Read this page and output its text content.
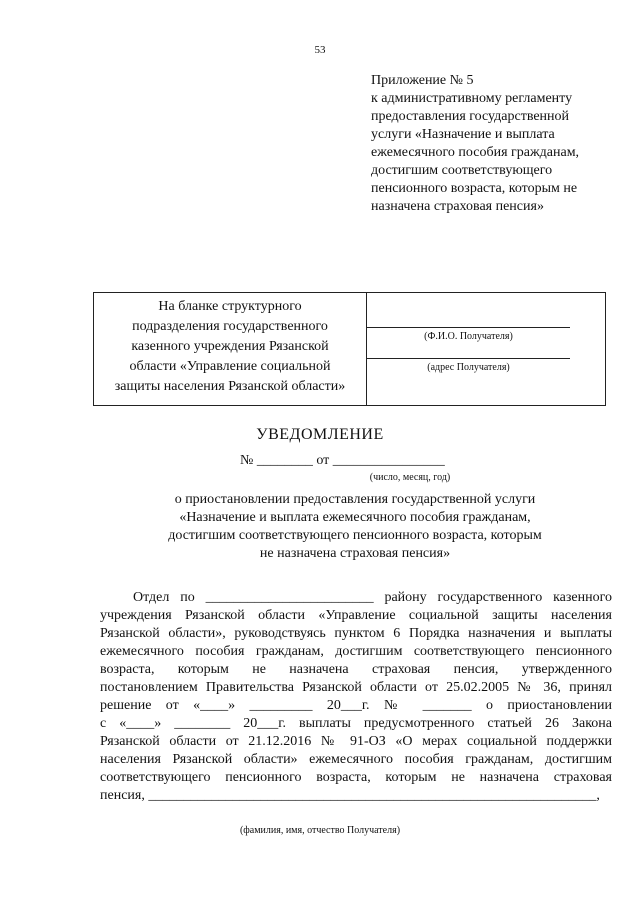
53
Приложение № 5
к административному регламенту
предоставления государственной
услуги «Назначение и выплата
ежемесячного пособия гражданам,
достигшим соответствующего
пенсионного возраста, которым не
назначена страховая пенсия»
На бланке структурного
подразделения государственного
казенного учреждения Рязанской
области «Управление социальной
защиты населения Рязанской области»
(Ф.И.О. Получателя)
(адрес Получателя)
УВЕДОМЛЕНИЕ
№ ________ от ________________
(число, месяц, год)
о приостановлении предоставления государственной услуги
«Назначение и выплата ежемесячного пособия гражданам,
достигшим соответствующего пенсионного возраста, которым
не назначена страховая пенсия»
Отдел по ________________________ району государственного казенного
учреждения Рязанской области «Управление социальной защиты населения
Рязанской области», руководствуясь пунктом 6 Порядка назначения и выплаты
ежемесячного пособия гражданам, достигшим соответствующего пенсионного
возраста, которым не назначена страховая пенсия, утвержденного
постановлением Правительства Рязанской области от 25.02.2005 № 36, принял
решение от «____» _________ 20___г. № _______ о приостановлении
с «____» ________ 20___г. выплаты предусмотренного статьей 26 Закона
Рязанской области от 21.12.2016 № 91-ОЗ «О мерах социальной поддержки
населения Рязанской области» ежемесячного пособия гражданам, достигшим
соответствующего пенсионного возраста, которым не назначена страховая
пенсия, ________________________________________________________________,
(фамилия, имя, отчество Получателя)
